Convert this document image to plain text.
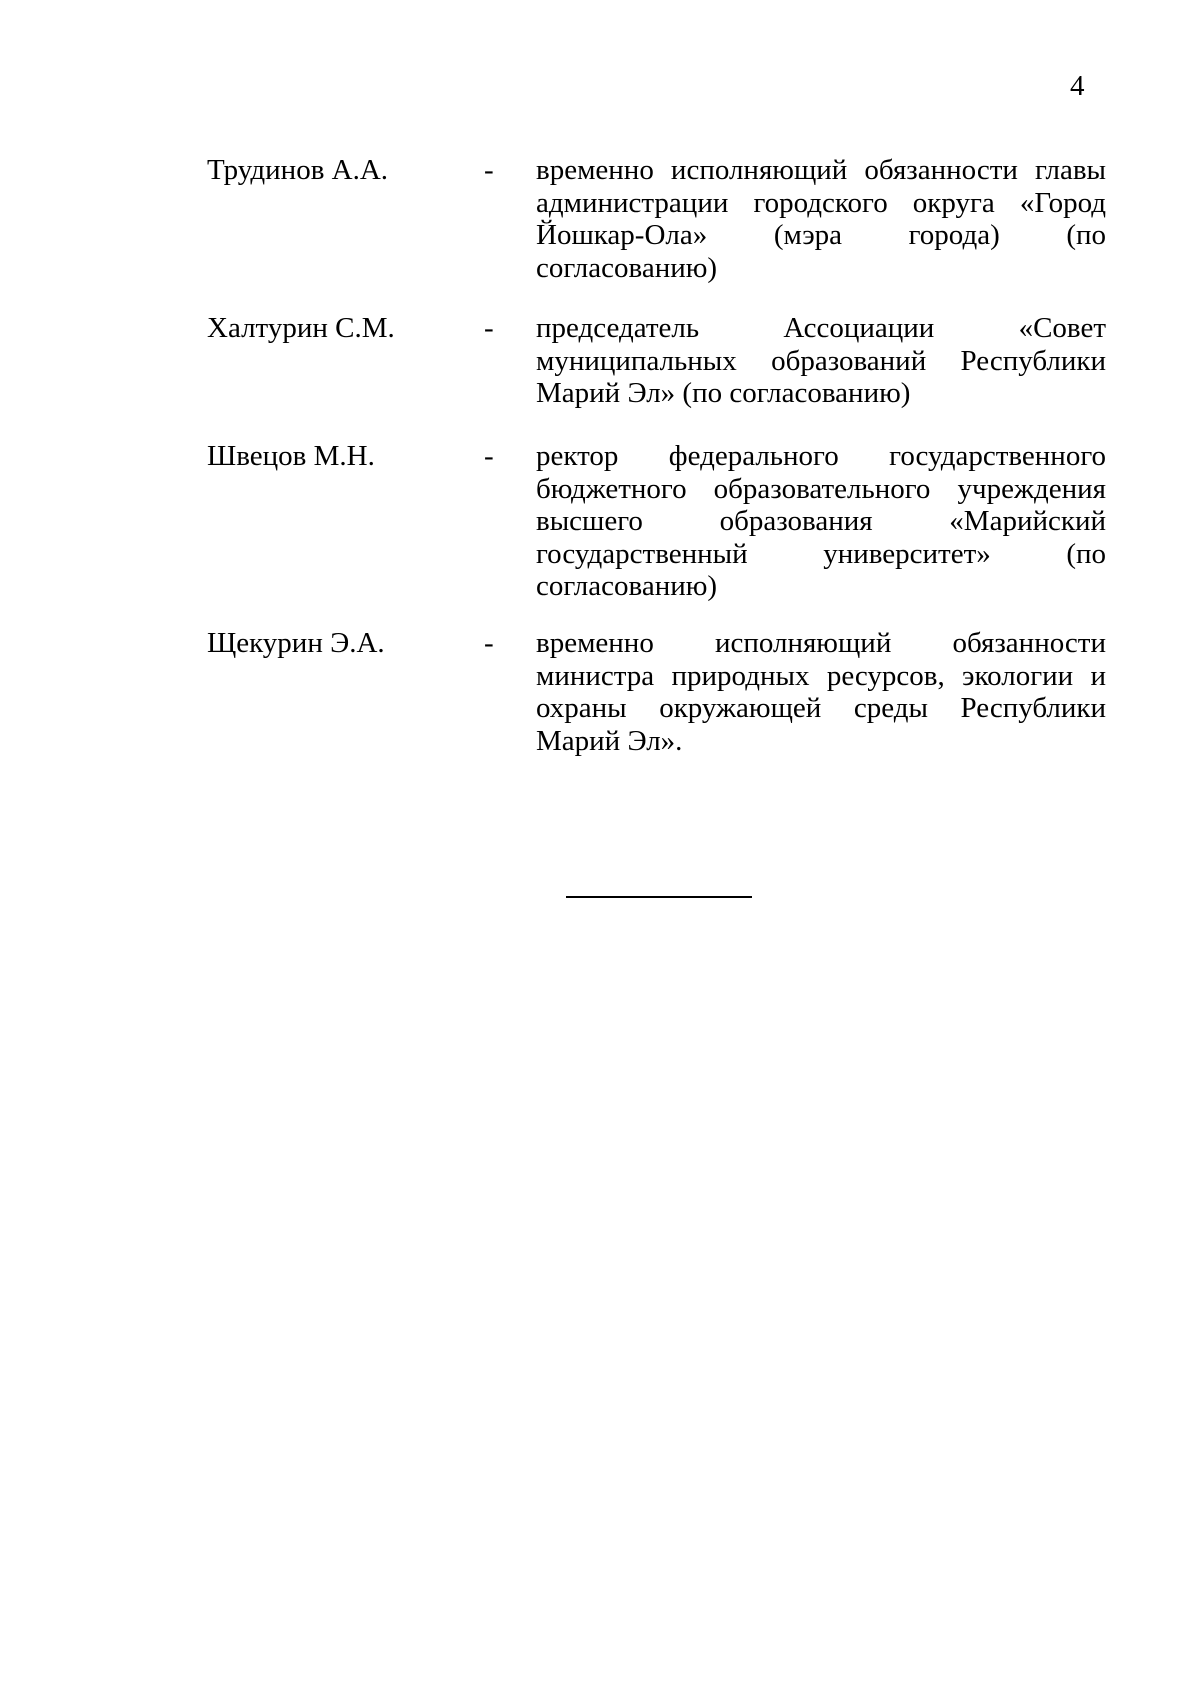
4
Трудинов А.А.	- временно исполняющий обязанности главы администрации городского округа «Город Йошкар-Ола» (мэра города) (по согласованию)

Халтурин С.М.	- председатель Ассоциации «Совет муниципальных образований Республики Марий Эл» (по согласованию)

Швецов М.Н.	- ректор федерального государственного бюджетного образовательного учреждения высшего образования «Марийский государственный университет» (по согласованию)

Щекурин Э.А.	- временно исполняющий обязанности министра природных ресурсов, экологии и охраны окружающей среды Республики Марий Эл».
